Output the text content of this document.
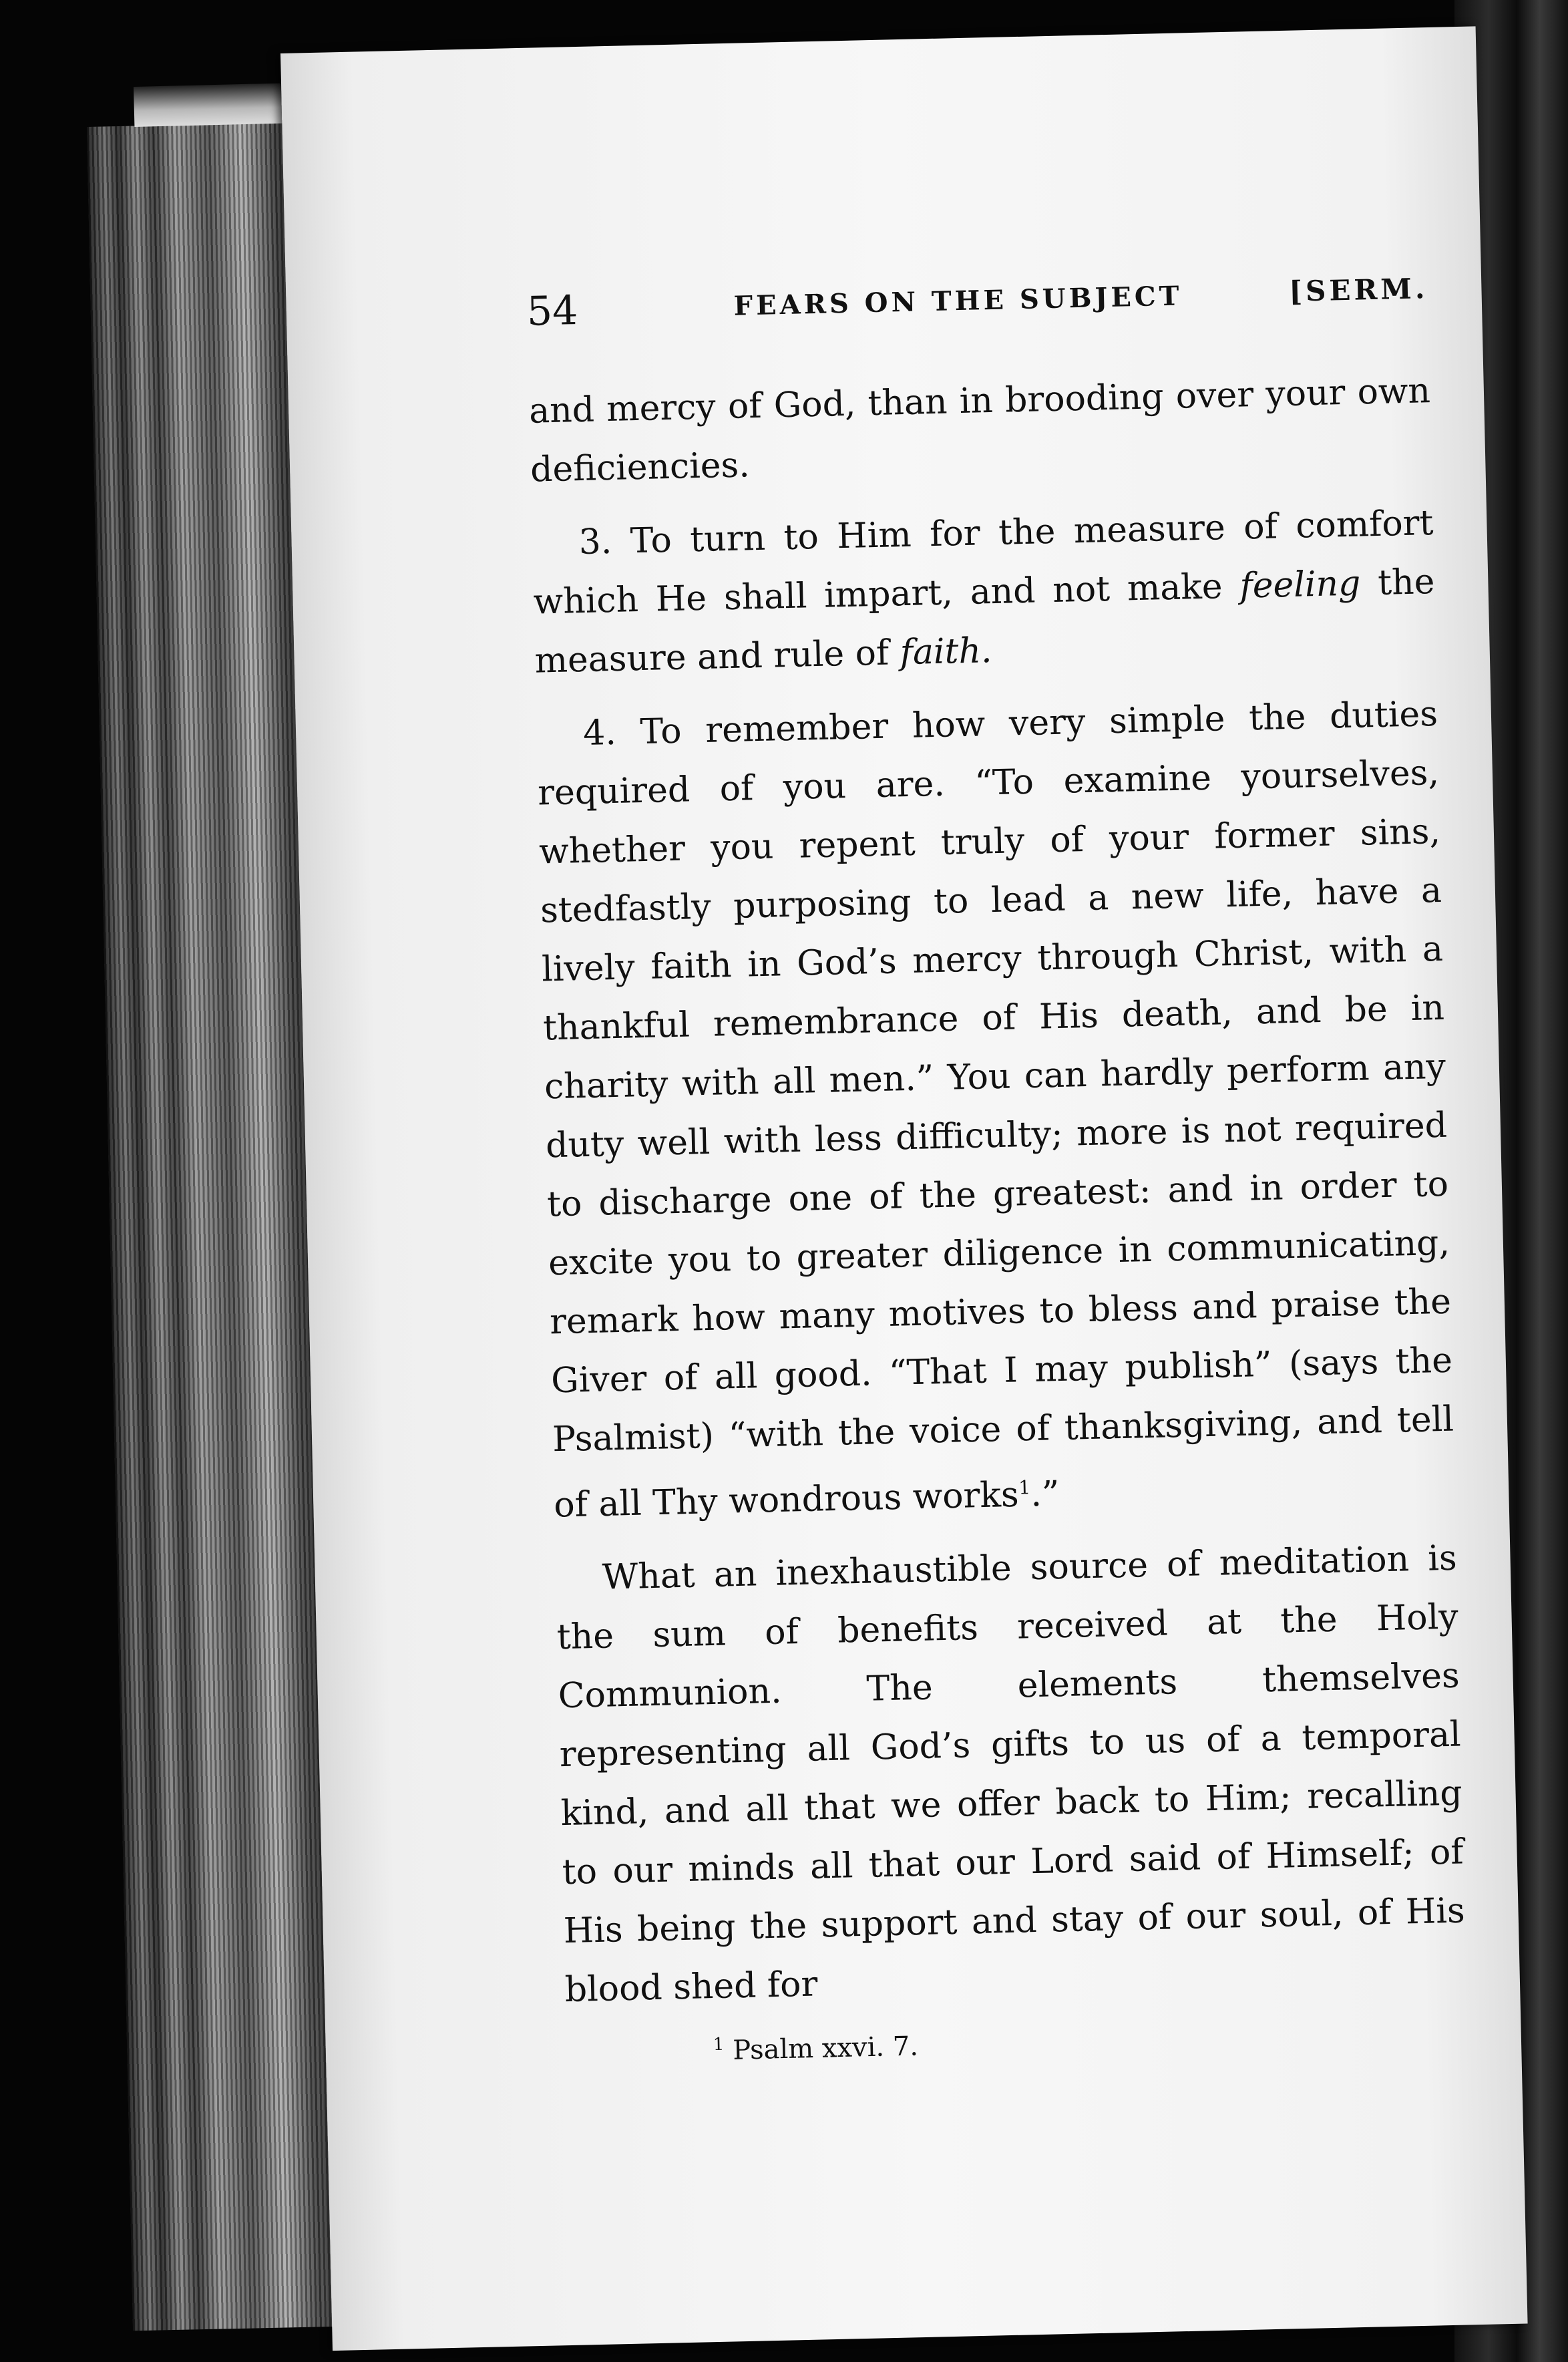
54	FEARS ON THE SUBJECT	[SERM.

and mercy of God, than in brooding over your own deficiencies.

3. To turn to Him for the measure of comfort which He shall impart, and not make feeling the measure and rule of faith.

4. To remember how very simple the duties required of you are. “To examine yourselves, whether you repent truly of your former sins, stedfastly purposing to lead a new life, have a lively faith in God’s mercy through Christ, with a thankful remembrance of His death, and be in charity with all men.” You can hardly perform any duty well with less difficulty; more is not required to discharge one of the greatest: and in order to excite you to greater diligence in communicating, remark how many motives to bless and praise the Giver of all good. “That I may publish” (says the Psalmist) “with the voice of thanksgiving, and tell of all Thy wondrous works$^1$.”

What an inexhaustible source of meditation is the sum of benefits received at the Holy Communion. The elements themselves representing all God’s gifts to us of a temporal kind, and all that we offer back to Him; recalling to our minds all that our Lord said of Himself; of His being the support and stay of our soul, of His blood shed for

$^1$ Psalm xxvi. 7.
